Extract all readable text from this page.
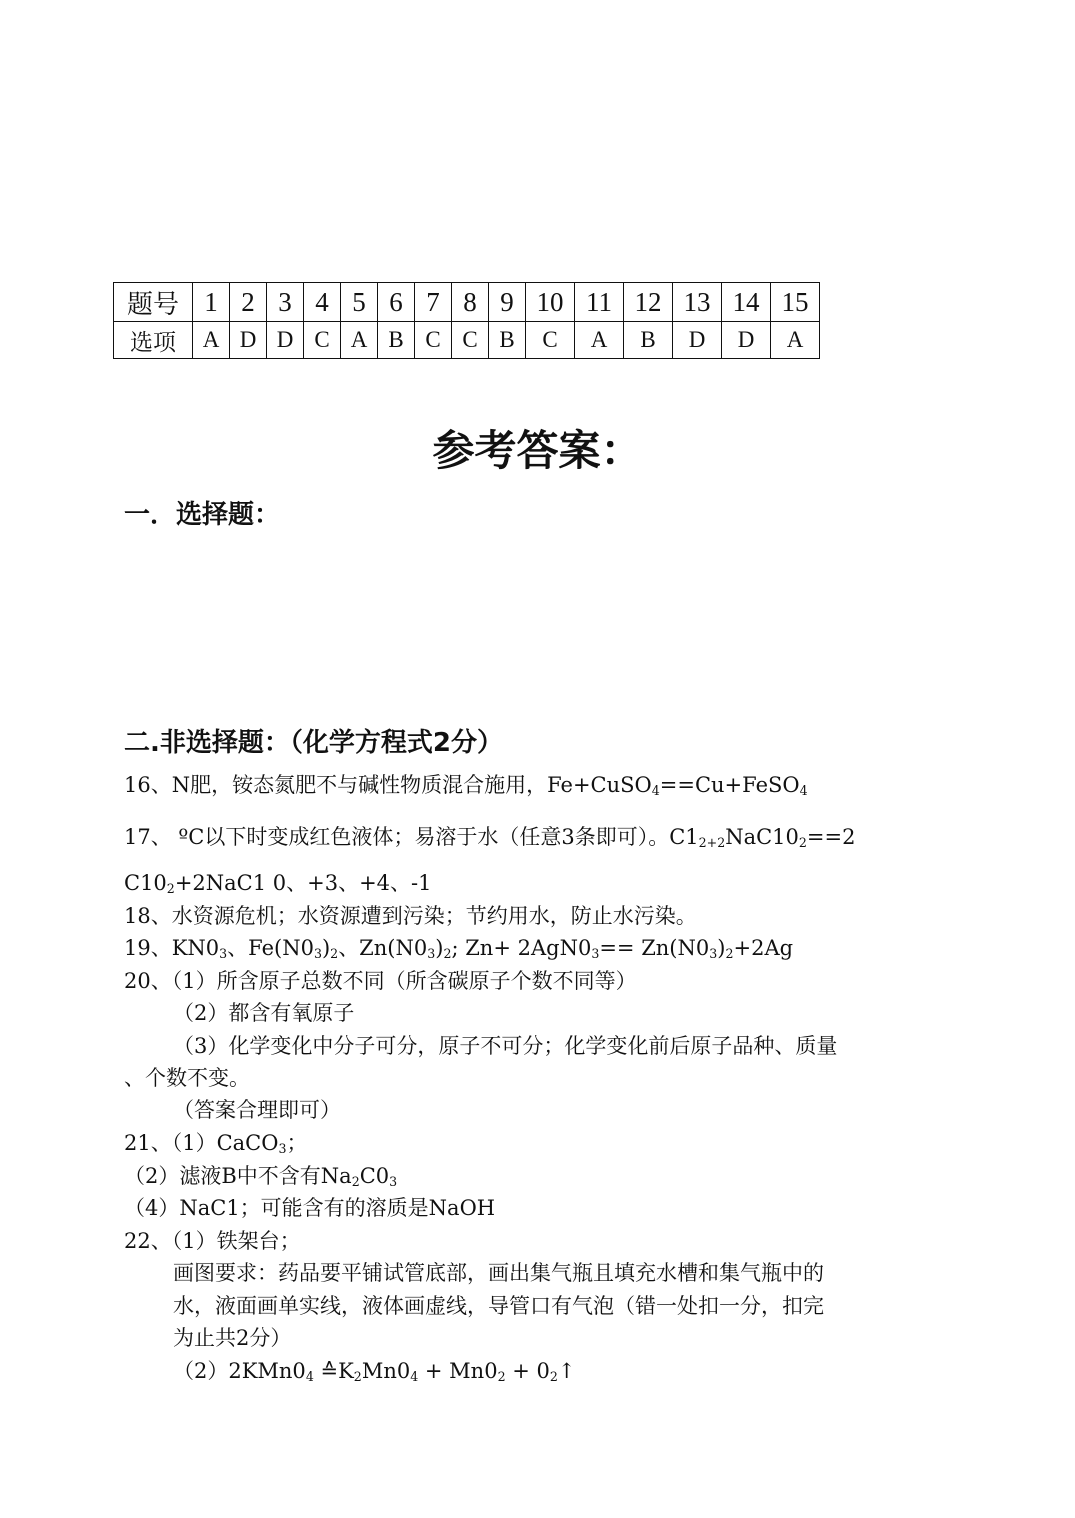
题号	1	2	3	4	5	6	7	8	9	10	11	12	13	14	15
选项	A	D	D	C	A	B	C	C	B	C	A	B	D	D	A
参考答案：
一．选择题：
二.非选择题：（化学方程式2分）
16、N肥，铵态氮肥不与碱性物质混合施用，Fe+CuSO$_4$==Cu+FeSO$_4$
17、 ºC以下时变成红色液体；易溶于水（任意3条即可）。$C1_{2+2}NaC10_2==2$
$C10_2+2NaC1$ 0、+3、+4、-1
18、水资源危机；水资源遭到污染；节约用水，防止水污染。
19、$KN0_3$、$Fe(N0_3)_2$、$Zn(N0_3)_2$; $Zn+ 2AgN0_3== Zn(N0_3)_2+2Ag$
20、（1）所含原子总数不同（所含碳原子个数不同等）
（2）都含有氧原子
（3）化学变化中分子可分，原子不可分；化学变化前后原子品种、质量
、个数不变。
（答案合理即可）
21、（1）CaCO$_3$；
（2）滤液B中不含有$Na_2C0_3$
（4）NaC1；可能含有的溶质是NaOH
22、（1）铁架台；
画图要求：药品要平铺试管底部，画出集气瓶且填充水槽和集气瓶中的
水，液面画单实线，液体画虚线，导管口有气泡（错一处扣一分，扣完
为止共2分）
$(2)2KMn0_4$ $≙K_2Mn0_4 + Mn0_2$ + $0_2↑$
